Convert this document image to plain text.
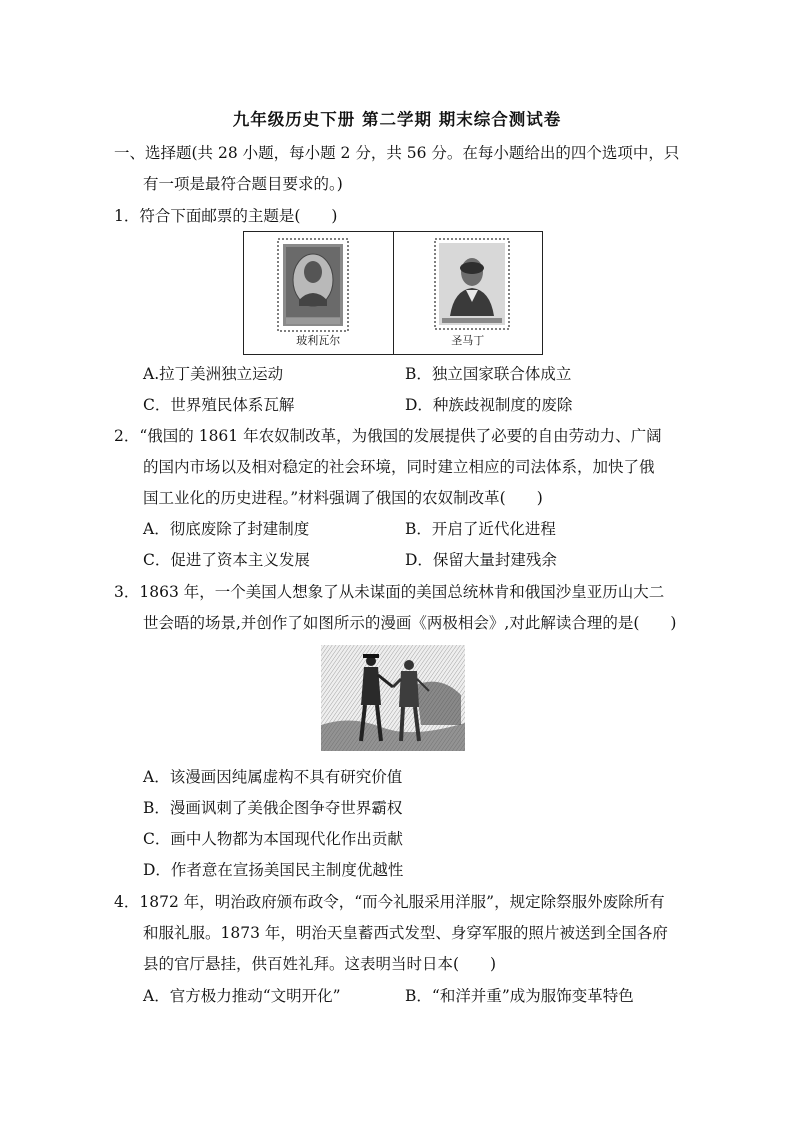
九年级历史下册 第二学期 期末综合测试卷
一、选择题(共 28 小题，每小题 2 分，共 56 分。在每小题给出的四个选项中，只
有一项是最符合题目要求的。)
1．符合下面邮票的主题是(　　)
玻利瓦尔	圣马丁
A.拉丁美洲独立运动	B．独立国家联合体成立
C．世界殖民体系瓦解	D．种族歧视制度的废除
2．“俄国的 1861 年农奴制改革，为俄国的发展提供了必要的自由劳动力、广阔
的国内市场以及相对稳定的社会环境，同时建立相应的司法体系，加快了俄
国工业化的历史进程。”材料强调了俄国的农奴制改革(　　)
A．彻底废除了封建制度	B．开启了近代化进程
C．促进了资本主义发展	D．保留大量封建残余
3．1863 年，一个美国人想象了从未谋面的美国总统林肯和俄国沙皇亚历山大二
世会晤的场景,并创作了如图所示的漫画《两极相会》,对此解读合理的是(　　)
A．该漫画因纯属虚构不具有研究价值
B．漫画讽刺了美俄企图争夺世界霸权
C．画中人物都为本国现代化作出贡献
D．作者意在宣扬美国民主制度优越性
4．1872 年，明治政府颁布政令，“而今礼服采用洋服”，规定除祭服外废除所有
和服礼服。1873 年，明治天皇蓄西式发型、身穿军服的照片被送到全国各府
县的官厅悬挂，供百姓礼拜。这表明当时日本(　　)
A．官方极力推动“文明开化”	B．“和洋并重”成为服饰变革特色
